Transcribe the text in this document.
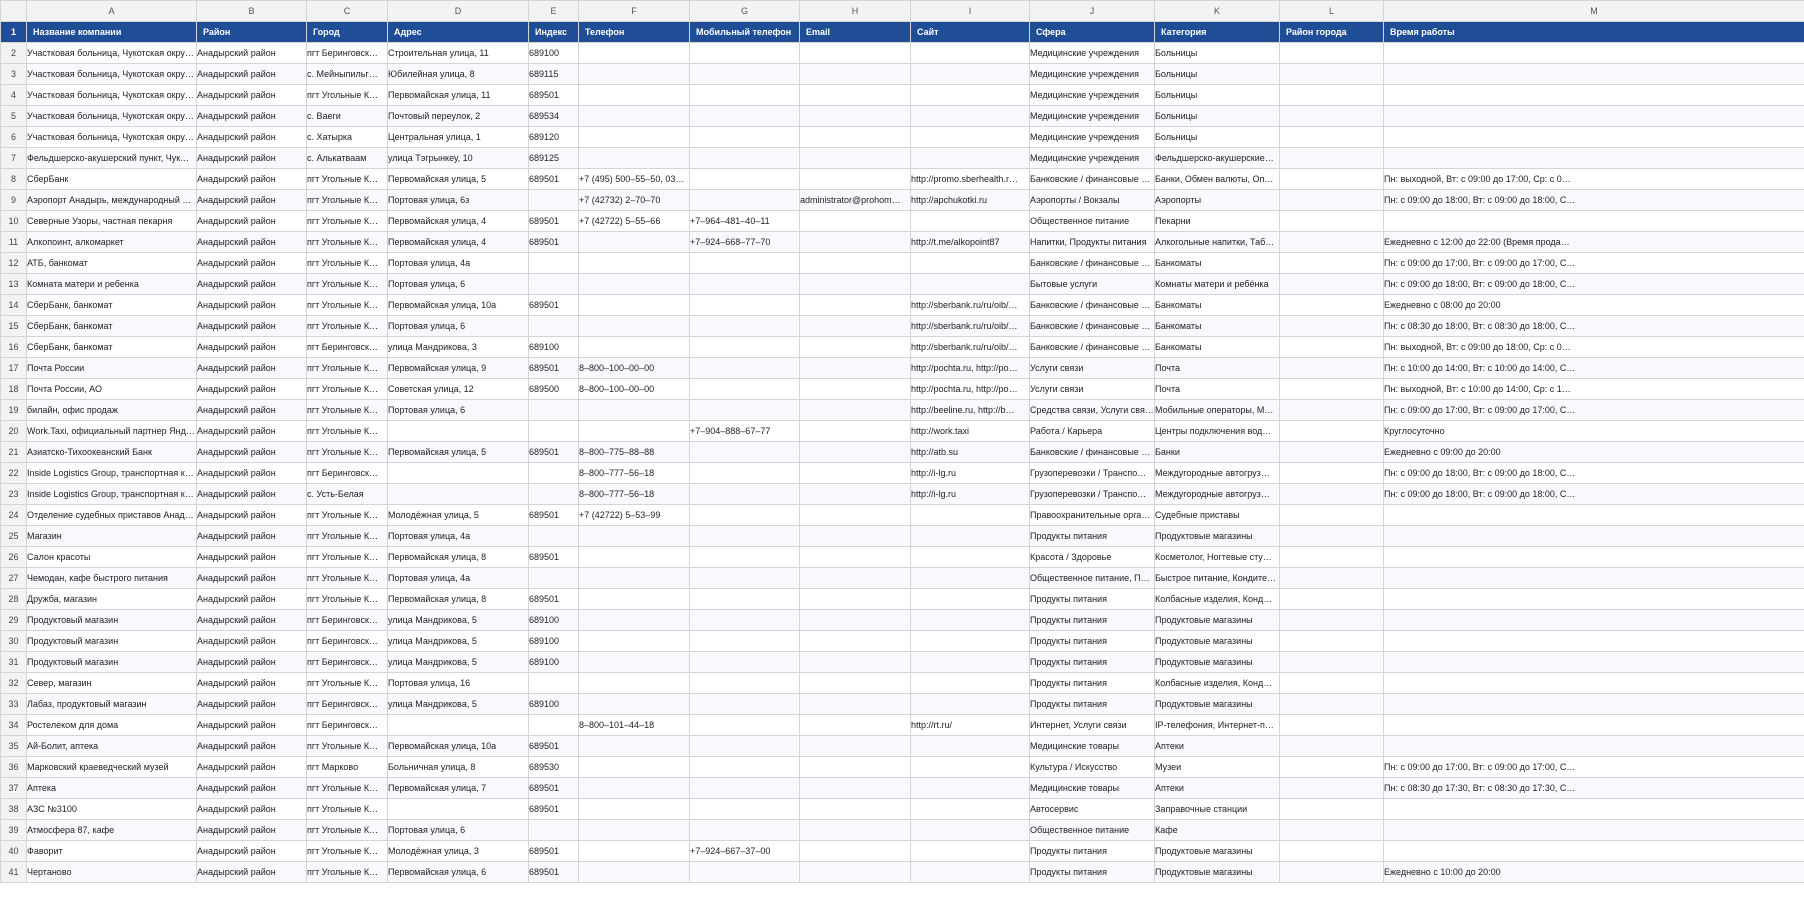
	A	B	C	D	E	F	G	H	I	J	K	L	M
1	Название компании	Район	Город	Адрес	Индекс	Телефон	Мобильный телефон	Email	Сайт	Сфера	Категория	Район города	Время работы
2	Участковая больница, Чукотская окру…	Анадырский район	пгт Беринговск…	Строительная улица, 11	689100					Медицинские учреждения	Больницы		
3	Участковая больница, Чукотская окру…	Анадырский район	с. Мейныпильг…	Юбилейная улица, 8	689115					Медицинские учреждения	Больницы		
4	Участковая больница, Чукотская окру…	Анадырский район	пгт Угольные К…	Первомайская улица, 11	689501					Медицинские учреждения	Больницы		
5	Участковая больница, Чукотская окру…	Анадырский район	с. Ваеги	Почтовый переулок, 2	689534					Медицинские учреждения	Больницы		
6	Участковая больница, Чукотская окру…	Анадырский район	с. Хатырка	Центральная улица, 1	689120					Медицинские учреждения	Больницы		
7	Фельдшерско-акушерский пункт, Чук…	Анадырский район	с. Алькатваам	улица Тэгрынкеу, 10	689125					Медицинские учреждения	Фельдшерско-акушерские…		
8	СберБанк	Анадырский район	пгт Угольные К…	Первомайская улица, 5	689501	+7 (495) 500–55–50, 03…			http://promo.sberhealth.r…	Банковские / финансовые …	Банки, Обмен валюты, Оп…		Пн: выходной, Вт: с 09:00 до 17:00, Ср: с 0…
9	Аэропорт Анадырь, международный …	Анадырский район	пгт Угольные К…	Портовая улица, 6з		+7 (42732) 2–70–70		administrator@prohom…	http://apchukotki.ru	Аэропорты / Вокзалы	Аэропорты		Пн: с 09:00 до 18:00, Вт: с 09:00 до 18:00, С…
10	Северные Узоры, частная пекарня	Анадырский район	пгт Угольные К…	Первомайская улица, 4	689501	+7 (42722) 5–55–66	+7–964–481–40–11			Общественное питание	Пекарни		
11	Алкопоинт, алкомаркет	Анадырский район	пгт Угольные К…	Первомайская улица, 4	689501		+7–924–668–77–70		http://t.me/alkopoint87	Напитки, Продукты питания	Алкогольные напитки, Таб…		Ежедневно с 12:00 до 22:00 (Время прода…
12	АТБ, банкомат	Анадырский район	пгт Угольные К…	Портовая улица, 4а						Банковские / финансовые …	Банкоматы		Пн: с 09:00 до 17:00, Вт: с 09:00 до 17:00, С…
13	Комната матери и ребенка	Анадырский район	пгт Угольные К…	Портовая улица, 6						Бытовые услуги	Комнаты матери и ребёнка		Пн: с 09:00 до 18:00, Вт: с 09:00 до 18:00, С…
14	СберБанк, банкомат	Анадырский район	пгт Угольные К…	Первомайская улица, 10а	689501				http://sberbank.ru/ru/oib/…	Банковские / финансовые …	Банкоматы		Ежедневно с 08:00 до 20:00
15	СберБанк, банкомат	Анадырский район	пгт Угольные К…	Портовая улица, 6					http://sberbank.ru/ru/oib/…	Банковские / финансовые …	Банкоматы		Пн: с 08:30 до 18:00, Вт: с 08:30 до 18:00, С…
16	СберБанк, банкомат	Анадырский район	пгт Беринговск…	улица Мандрикова, 3	689100				http://sberbank.ru/ru/oib/…	Банковские / финансовые …	Банкоматы		Пн: выходной, Вт: с 09:00 до 18:00, Ср: с 0…
17	Почта России	Анадырский район	пгт Угольные К…	Первомайская улица, 9	689501	8–800–100–00–00			http://pochta.ru, http://po…	Услуги связи	Почта		Пн: с 10:00 до 14:00, Вт: с 10:00 до 14:00, С…
18	Почта России, АО	Анадырский район	пгт Угольные К…	Советская улица, 12	689500	8–800–100–00–00			http://pochta.ru, http://po…	Услуги связи	Почта		Пн: выходной, Вт: с 10:00 до 14:00, Ср: с 1…
19	билайн, офис продаж	Анадырский район	пгт Угольные К…	Портовая улица, 6					http://beeline.ru, http://b…	Средства связи, Услуги свя…	Мобильные операторы, М…		Пн: с 09:00 до 17:00, Вт: с 09:00 до 17:00, С…
20	Work.Taxi, официальный партнер Янд…	Анадырский район	пгт Угольные К…				+7–904–888–67–77		http://work.taxi	Работа / Карьера	Центры подключения вод…		Круглосуточно
21	Азиатско-Тихоокеанский Банк	Анадырский район	пгт Угольные К…	Первомайская улица, 5	689501	8–800–775–88–88			http://atb.su	Банковские / финансовые …	Банки		Ежедневно с 09:00 до 20:00
22	Inside Logistics Group, транспортная к…	Анадырский район	пгт Беринговск…			8–800–777–56–18			http://i-lg.ru	Грузоперевозки / Транспо…	Междугородные автогруз…		Пн: с 09:00 до 18:00, Вт: с 09:00 до 18:00, С…
23	Inside Logistics Group, транспортная к…	Анадырский район	с. Усть-Белая			8–800–777–56–18			http://i-lg.ru	Грузоперевозки / Транспо…	Междугородные автогруз…		Пн: с 09:00 до 18:00, Вт: с 09:00 до 18:00, С…
24	Отделение судебных приставов Анад…	Анадырский район	пгт Угольные К…	Молодёжная улица, 5	689501	+7 (42722) 5–53–99				Правоохранительные орга…	Судебные приставы		
25	Магазин	Анадырский район	пгт Угольные К…	Портовая улица, 4а						Продукты питания	Продуктовые магазины		
26	Салон красоты	Анадырский район	пгт Угольные К…	Первомайская улица, 8	689501					Красота / Здоровье	Косметолог, Ногтевые сту…		
27	Чемодан, кафе быстрого питания	Анадырский район	пгт Угольные К…	Портовая улица, 4а						Общественное питание, П…	Быстрое питание, Кондите…		
28	Дружба, магазин	Анадырский район	пгт Угольные К…	Первомайская улица, 8	689501					Продукты питания	Колбасные изделия, Конд…		
29	Продуктовый магазин	Анадырский район	пгт Беринговск…	улица Мандрикова, 5	689100					Продукты питания	Продуктовые магазины		
30	Продуктовый магазин	Анадырский район	пгт Беринговск…	улица Мандрикова, 5	689100					Продукты питания	Продуктовые магазины		
31	Продуктовый магазин	Анадырский район	пгт Беринговск…	улица Мандрикова, 5	689100					Продукты питания	Продуктовые магазины		
32	Север, магазин	Анадырский район	пгт Угольные К…	Портовая улица, 16						Продукты питания	Колбасные изделия, Конд…		
33	Лабаз, продуктовый магазин	Анадырский район	пгт Беринговск…	улица Мандрикова, 5	689100					Продукты питания	Продуктовые магазины		
34	Ростелеком для дома	Анадырский район	пгт Беринговск…			8–800–101–44–18			http://rt.ru/	Интернет, Услуги связи	IP-телефония, Интернет-п…		
35	Ай-Болит, аптека	Анадырский район	пгт Угольные К…	Первомайская улица, 10а	689501					Медицинские товары	Аптеки		
36	Марковский краеведческий музей	Анадырский район	пгт Марково	Больничная улица, 8	689530					Культура / Искусство	Музеи		Пн: с 09:00 до 17:00, Вт: с 09:00 до 17:00, С…
37	Аптека	Анадырский район	пгт Угольные К…	Первомайская улица, 7	689501					Медицинские товары	Аптеки		Пн: с 08:30 до 17:30, Вт: с 08:30 до 17:30, С…
38	АЗС №3100	Анадырский район	пгт Угольные К…		689501					Автосервис	Заправочные станции		
39	Атмосфера 87, кафе	Анадырский район	пгт Угольные К…	Портовая улица, 6						Общественное питание	Кафе		
40	Фаворит	Анадырский район	пгт Угольные К…	Молодёжная улица, 3	689501		+7–924–667–37–00			Продукты питания	Продуктовые магазины		
41	Чертаново	Анадырский район	пгт Угольные К…	Первомайская улица, 6	689501					Продукты питания	Продуктовые магазины		Ежедневно с 10:00 до 20:00
